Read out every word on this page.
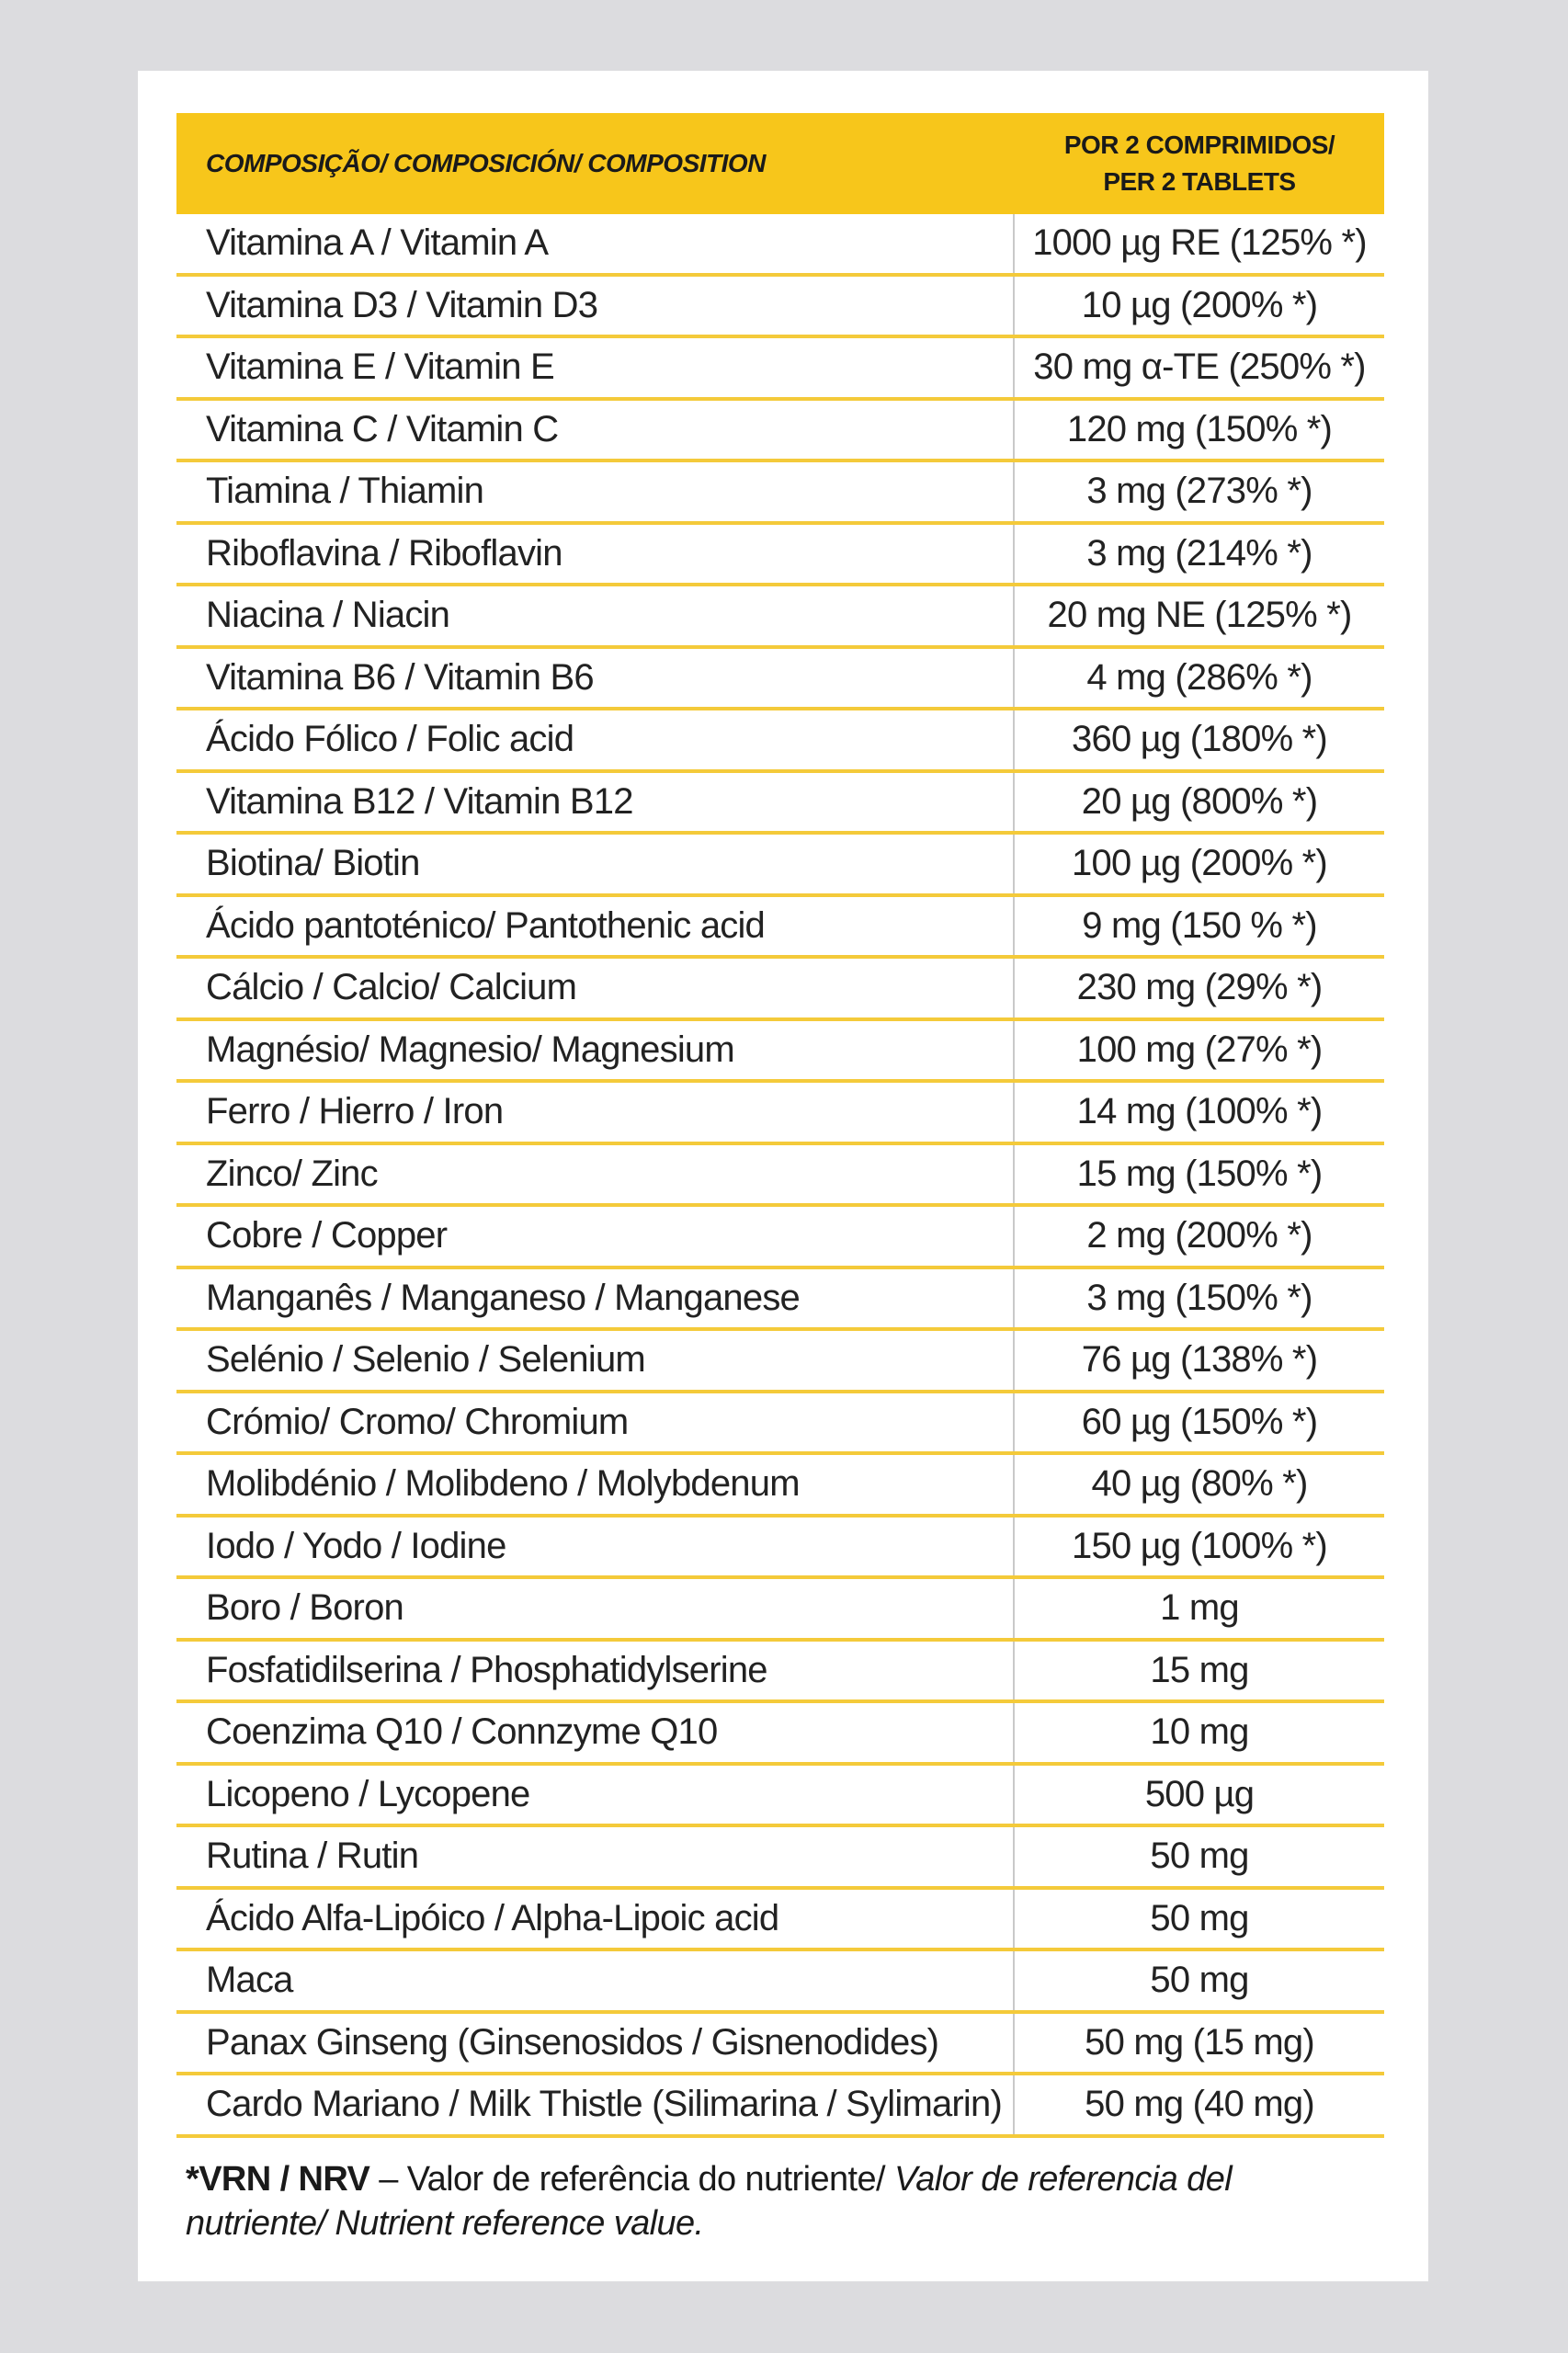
COMPOSIÇÃO/ COMPOSICIÓN/ COMPOSITION
POR 2 COMPRIMIDOS/
PER 2 TABLETS
Vitamina A / Vitamin A	1000 µg RE (125% *)
Vitamina D3 / Vitamin D3	10 µg (200% *)
Vitamina E / Vitamin E	30 mg α-TE (250% *)
Vitamina C / Vitamin C	120 mg (150% *)
Tiamina / Thiamin	3 mg (273% *)
Riboflavina / Riboflavin	3 mg (214% *)
Niacina / Niacin	20 mg NE (125% *)
Vitamina B6 / Vitamin B6	4 mg (286% *)
Ácido Fólico / Folic acid	360 µg (180% *)
Vitamina B12 / Vitamin B12	20 µg (800% *)
Biotina/ Biotin	100 µg (200% *)
Ácido pantoténico/ Pantothenic acid	9 mg (150 % *)
Cálcio / Calcio/ Calcium	230 mg (29% *)
Magnésio/ Magnesio/ Magnesium	100 mg (27% *)
Ferro / Hierro / Iron	14 mg (100% *)
Zinco/ Zinc	15 mg (150% *)
Cobre / Copper	2 mg (200% *)
Manganês / Manganeso / Manganese	3 mg (150% *)
Selénio / Selenio / Selenium	76 µg (138% *)
Crómio/ Cromo/ Chromium	60 µg (150% *)
Molibdénio / Molibdeno / Molybdenum	40 µg (80% *)
Iodo / Yodo / Iodine	150 µg (100% *)
Boro / Boron	1 mg
Fosfatidilserina / Phosphatidylserine	15 mg
Coenzima Q10 / Connzyme Q10	10 mg
Licopeno / Lycopene	500 µg
Rutina / Rutin	50 mg
Ácido Alfa-Lipóico / Alpha-Lipoic acid	50 mg
Maca	50 mg
Panax Ginseng (Ginsenosidos / Gisnenodides)	50 mg (15 mg)
Cardo Mariano / Milk Thistle (Silimarina / Sylimarin)	50 mg (40 mg)
*VRN / NRV – Valor de referência do nutriente/ Valor de referencia del nutriente/ Nutrient reference value.
